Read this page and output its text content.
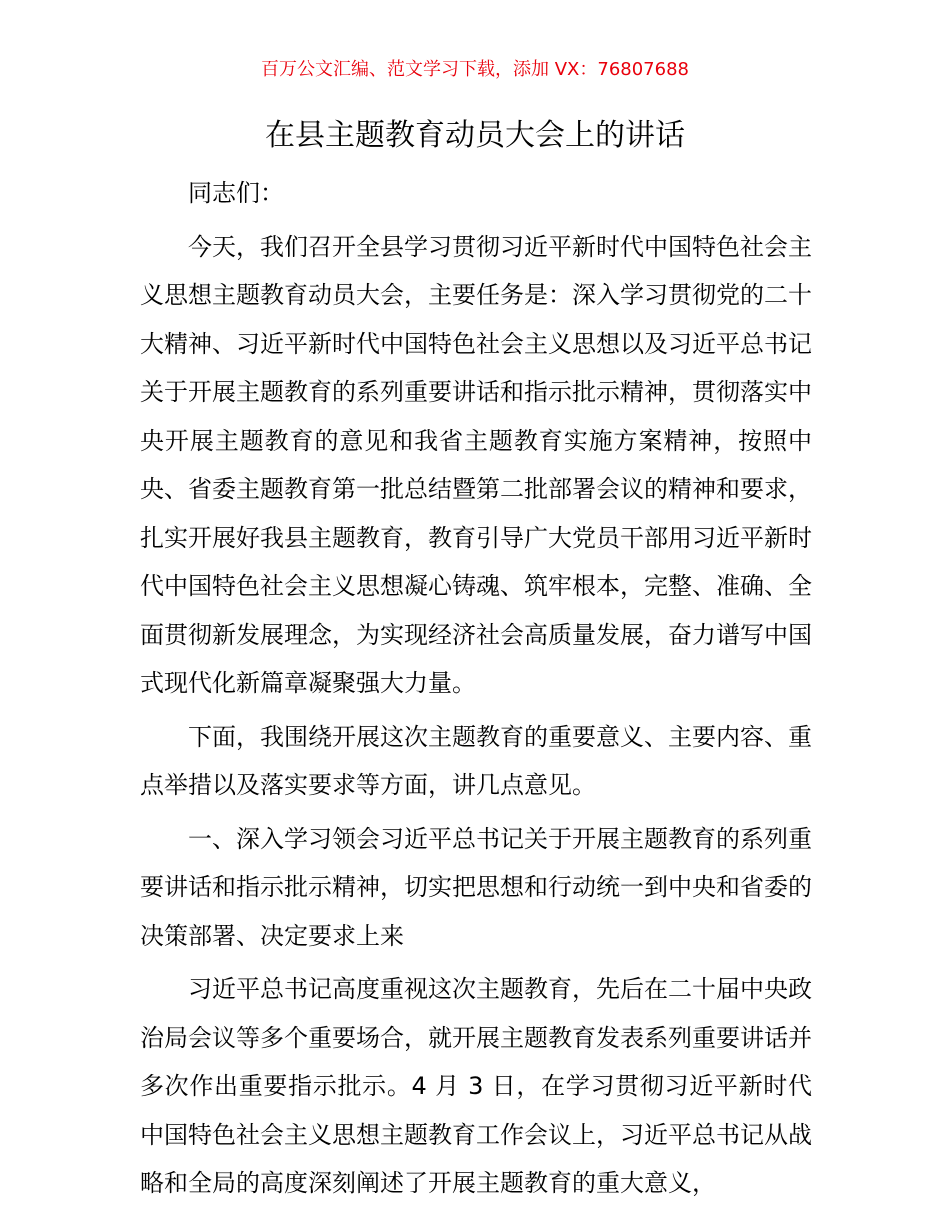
百万公文汇编、范文学习下载，添加 VX：76807688
在县主题教育动员大会上的讲话

同志们：

今天，我们召开全县学习贯彻习近平新时代中国特色社会主义思想主题教育动员大会，主要任务是：深入学习贯彻党的二十大精神、习近平新时代中国特色社会主义思想以及习近平总书记关于开展主题教育的系列重要讲话和指示批示精神，贯彻落实中央开展主题教育的意见和我省主题教育实施方案精神，按照中央、省委主题教育第一批总结暨第二批部署会议的精神和要求，扎实开展好我县主题教育，教育引导广大党员干部用习近平新时代中国特色社会主义思想凝心铸魂、筑牢根本，完整、准确、全面贯彻新发展理念，为实现经济社会高质量发展，奋力谱写中国式现代化新篇章凝聚强大力量。

下面，我围绕开展这次主题教育的重要意义、主要内容、重点举措以及落实要求等方面，讲几点意见。

一、深入学习领会习近平总书记关于开展主题教育的系列重要讲话和指示批示精神，切实把思想和行动统一到中央和省委的决策部署、决定要求上来

习近平总书记高度重视这次主题教育，先后在二十届中央政治局会议等多个重要场合，就开展主题教育发表系列重要讲话并多次作出重要指示批示。4 月 3 日，在学习贯彻习近平新时代中国特色社会主义思想主题教育工作会议上，习近平总书记从战略和全局的高度深刻阐述了开展主题教育的重大意义，
